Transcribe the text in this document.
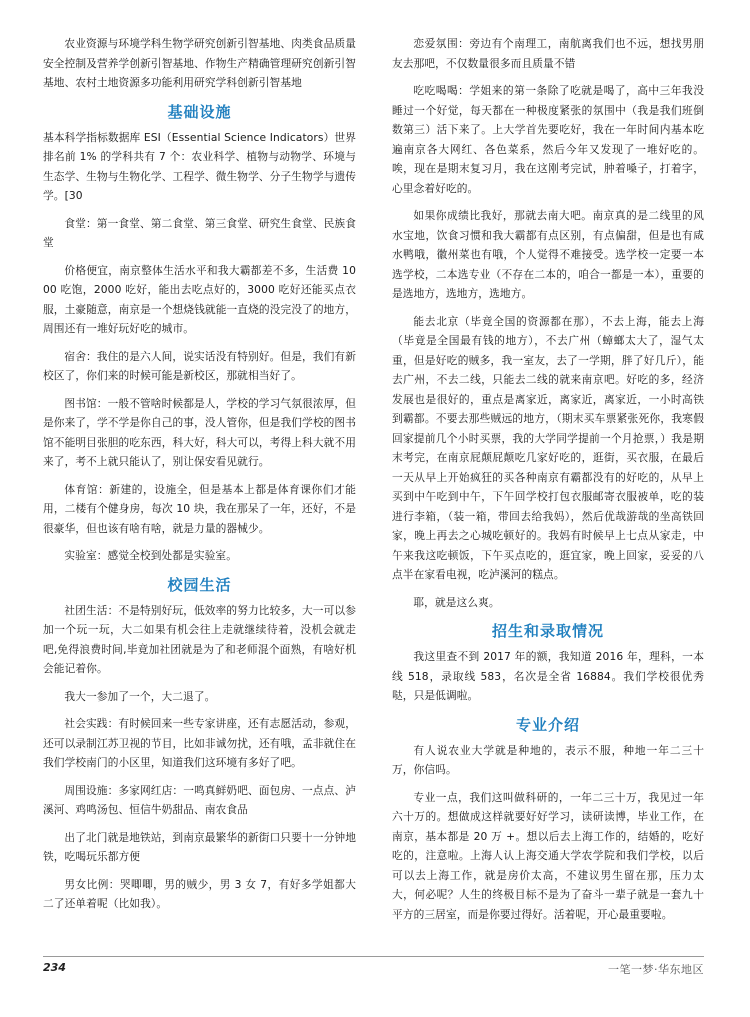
农业资源与环境学科生物学研究创新引智基地、肉类食品质量安全控制及营养学创新引智基地、作物生产精确管理研究创新引智基地、农村土地资源多功能利用研究学科创新引智基地

基础设施

基本科学指标数据库 ESI（Essential Science Indicators）世界排名前 1% 的学科共有 7 个：农业科学、植物与动物学、环境与生态学、生物与生物化学、工程学、微生物学、分子生物学与遗传学。[30

食堂：第一食堂、第二食堂、第三食堂、研究生食堂、民族食堂

价格便宜，南京整体生活水平和我大霸都差不多，生活费 1000 吃饱，2000 吃好，能出去吃点好的，3000 吃好还能买点衣服，土豪随意，南京是一个想烧钱就能一直烧的没完没了的地方，周围还有一堆好玩好吃的城市。

宿舍：我住的是六人间，说实话没有特别好。但是，我们有新校区了，你们来的时候可能是新校区，那就相当好了。

图书馆：一般不管啥时候都是人，学校的学习气氛很浓厚，但是你来了，学不学是你自己的事，没人管你，但是我们学校的图书馆不能明目张胆的吃东西，科大好，科大可以，考得上科大就不用来了，考不上就只能认了，别让保安看见就行。

体育馆：新建的，设施全，但是基本上都是体育课你们才能用，二楼有个健身房，每次 10 块，我在那呆了一年，还好，不是很豪华，但也该有啥有啥，就是力量的器械少。

实验室：感觉全校到处都是实验室。

校园生活

社团生活：不是特别好玩，低效率的努力比较多，大一可以参加一个玩一玩，大二如果有机会往上走就继续待着，没机会就走吧,免得浪费时间,毕竟加社团就是为了和老师混个面熟，有啥好机会能记着你。

我大一参加了一个，大二退了。

社会实践：有时候回来一些专家讲座，还有志愿活动，参观，还可以录制江苏卫视的节目，比如非诚勿扰，还有哦，孟非就住在我们学校南门的小区里，知道我们这环境有多好了吧。

周围设施：多家网红店：一鸣真鲜奶吧、面包房、一点点、泸溪河、鸡鸣汤包、恒信牛奶甜品、南农食品

出了北门就是地铁站，到南京最繁华的新街口只要十一分钟地铁，吃喝玩乐都方便

男女比例：哭唧唧，男的贼少，男 3 女 7，有好多学姐都大二了还单着呢（比如我）。

恋爱氛围：旁边有个南理工，南航离我们也不远，想找男朋友去那吧，不仅数量很多而且质量不错

吃吃喝喝：学姐来的第一条除了吃就是喝了，高中三年我没睡过一个好觉，每天都在一种极度紧张的氛围中（我是我们班倒数第三）活下来了。上大学首先要吃好，我在一年时间内基本吃遍南京各大网红、各色菜系，然后今年又发现了一堆好吃的。唉，现在是期末复习月，我在这刚考完试，肿着嗓子，打着字，心里念着好吃的。

如果你成绩比我好，那就去南大吧。南京真的是二线里的风水宝地，饮食习惯和我大霸都有点区别，有点偏甜，但是也有咸水鸭哦，徽州菜也有哦，个人觉得不难接受。选学校一定要一本选学校，二本选专业（不存在二本的，咱合一都是一本），重要的是选地方，选地方，选地方。

能去北京（毕竟全国的资源都在那），不去上海，能去上海（毕竟是全国最有钱的地方），不去广州（蟑螂太大了，湿气太重，但是好吃的贼多，我一室友，去了一学期，胖了好几斤），能去广州，不去二线，只能去二线的就来南京吧。好吃的多，经济发展也是很好的，重点是离家近，离家近，离家近，一小时高铁到霸都。不要去那些贼远的地方，（期末买车票紧张死你，我寒假回家提前几个小时买票，我的大学同学提前一个月抢票，）我是期末考完，在南京屁颠屁颠吃几家好吃的，逛街，买衣服，在最后一天从早上开始疯狂的买各种南京有霸都没有的好吃的，从早上买到中午吃到中午，下午回学校打包衣服邮寄衣服被单，吃的装进行李箱，（装一箱，带回去给我妈），然后优哉游哉的坐高铁回家，晚上再去之心城吃顿好的。我妈有时候早上七点从家走，中午来我这吃顿饭，下午买点吃的，逛宜家，晚上回家，妥妥的八点半在家看电视，吃泸溪河的糕点。

耶，就是这么爽。

招生和录取情况

我这里查不到 2017 年的额，我知道 2016 年，理科，一本线 518，录取线 583，名次是全省 16884。我们学校很优秀哒，只是低调啦。

专业介绍

有人说农业大学就是种地的，表示不服，种地一年二三十万，你信吗。

专业一点，我们这叫做科研的，一年二三十万，我见过一年六十万的。想做成这样就要好好学习，读研读博，毕业工作，在南京，基本都是 20 万 +。想以后去上海工作的，结婚的，吃好吃的，注意啦。上海人认上海交通大学农学院和我们学校，以后可以去上海工作，就是房价太高，不建议男生留在那，压力太大，何必呢？人生的终极目标不是为了奋斗一辈子就是一套九十平方的三居室，而是你要过得好。活着呢，开心最重要啦。

234	一笔一梦·华东地区
